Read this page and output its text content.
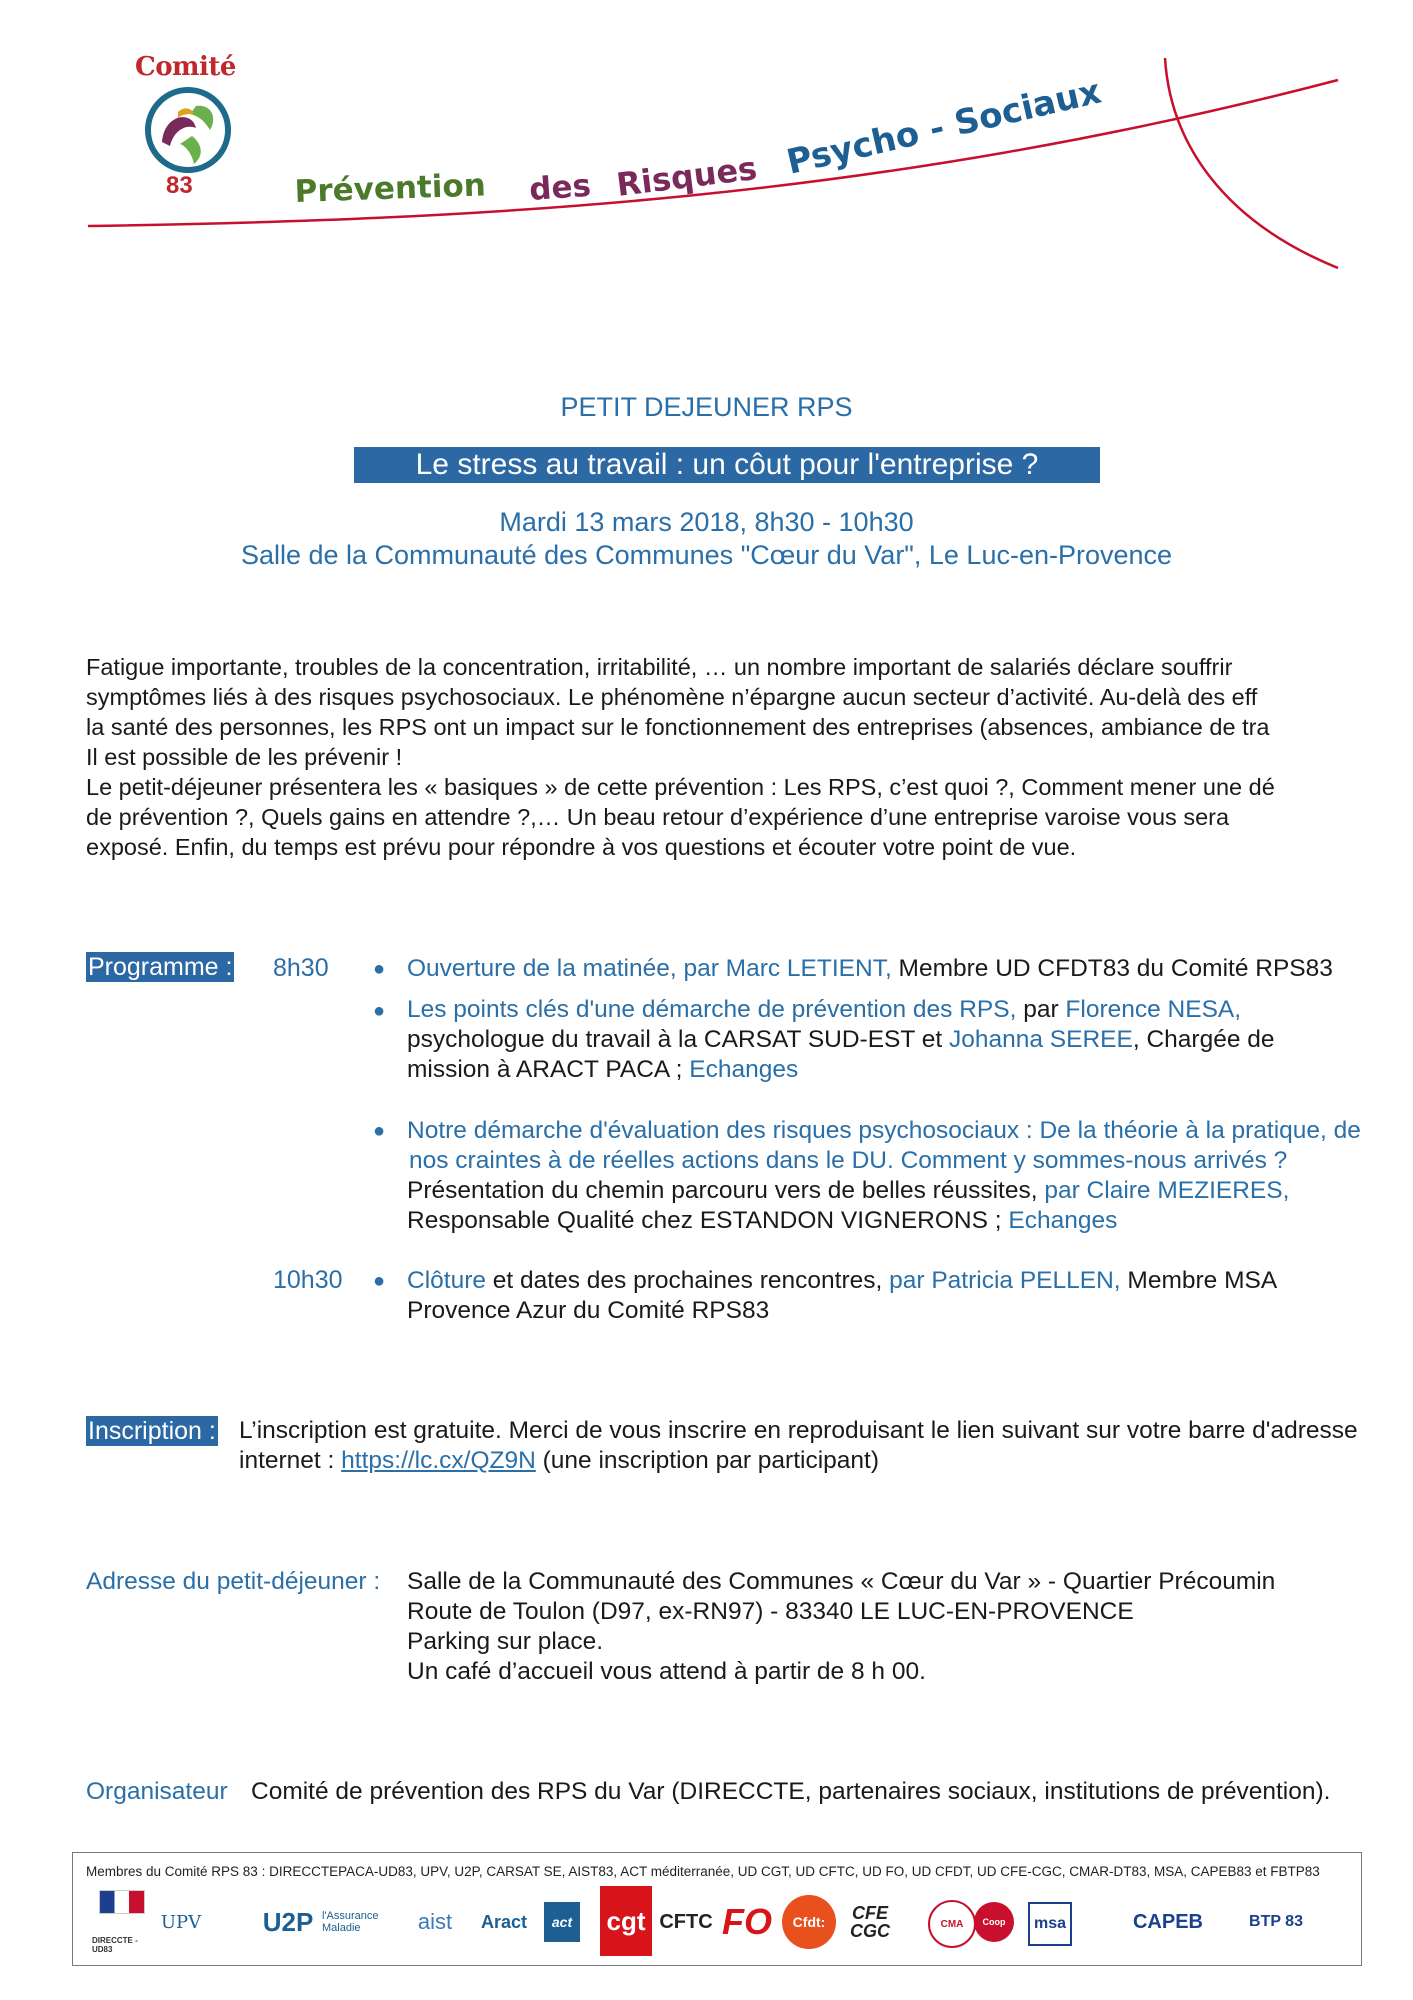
Comité
83	Prévention des Risques Psycho - Sociaux
PETIT DEJEUNER RPS
Le stress au travail : un côut pour l'entreprise ?
Mardi 13 mars 2018, 8h30 - 10h30
Salle de la Communauté des Communes "Cœur du Var", Le Luc-en-Provence

Fatigue importante, troubles de la concentration, irritabilité, … un nombre important de salariés déclare souffrir

symptômes liés à des risques psychosociaux. Le phénomène n’épargne aucun secteur d’activité. Au-delà des eff

la santé des personnes, les RPS ont un impact sur le fonctionnement des entreprises (absences, ambiance de tra

Il est possible de les prévenir !

Le petit-déjeuner présentera les « basiques » de cette prévention : Les RPS, c’est quoi ?, Comment mener une dé

de prévention ?, Quels gains en attendre ?,… Un beau retour d’expérience d’une entreprise varoise vous sera

exposé. Enfin, du temps est prévu pour répondre à vos questions et écouter votre point de vue.

Programme : 8h30 ● Ouverture de la matinée, par Marc LETIENT, Membre UD CFDT83 du Comité RPS83
● Les points clés d'une démarche de prévention des RPS, par Florence NESA,
psychologue du travail à la CARSAT SUD-EST et Johanna SEREE, Chargée de
mission à ARACT PACA ; Echanges
● Notre démarche d'évaluation des risques psychosociaux : De la théorie à la pratique, de
nos craintes à de réelles actions dans le DU. Comment y sommes-nous arrivés ?
Présentation du chemin parcouru vers de belles réussites, par Claire MEZIERES,
Responsable Qualité chez ESTANDON VIGNERONS ; Echanges
10h30 ● Clôture et dates des prochaines rencontres, par Patricia PELLEN, Membre MSA
Provence Azur du Comité RPS83
Inscription : L’inscription est gratuite. Merci de vous inscrire en reproduisant le lien suivant sur votre barre d'adresse
internet : https://lc.cx/QZ9N (une inscription par participant)
Adresse du petit-déjeuner : Salle de la Communauté des Communes « Cœur du Var » - Quartier Précoumin
Route de Toulon (D97, ex-RN97) - 83340 LE LUC-EN-PROVENCE
Parking sur place.
Un café d’accueil vous attend à partir de 8 h 00.
Organisateur Comité de prévention des RPS du Var (DIRECCTE, partenaires sociaux, institutions de prévention).
Membres du Comité RPS 83 : DIRECCTEPACA-UD83, UPV, U2P, CARSAT SE, AIST83, ACT méditerranée, UD CGT, UD CFTC, UD FO, UD CFDT, UD CFE-CGC, CMAR-DT83, MSA, CAPEB83 et FBTP83
DIRECCTE - UD83
UPV U2P l'Assurance Maladie	aist	Aract	act	cgt CFTC FO	Cfdt:	CFE CGC	CMA	Coop	msa	CAPEB	BTP 83
